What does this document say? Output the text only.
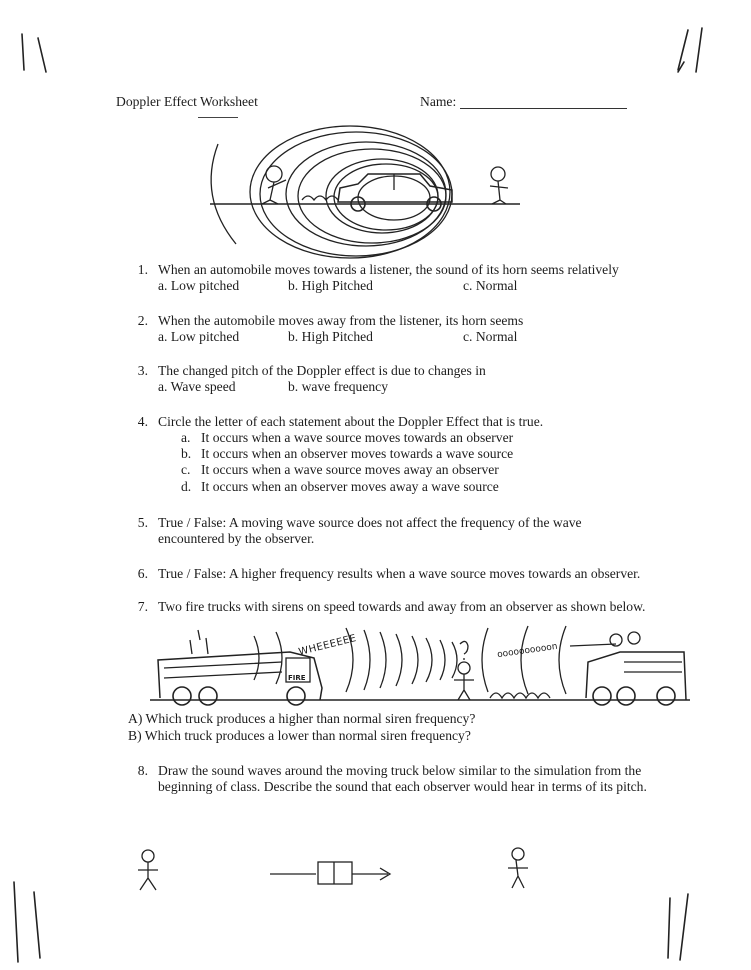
Doppler Effect Worksheet	Name:
1. When an automobile moves towards a listener, the sound of its horn seems relatively
a. Low pitched	b. High Pitched	c. Normal
2. When the automobile moves away from the listener, its horn seems
a. Low pitched	b. High Pitched	c. Normal
3. The changed pitch of the Doppler effect is due to changes in
a. Wave speed	b. wave frequency
4. Circle the letter of each statement about the Doppler Effect that is true.
a. It occurs when a wave source moves towards an observer
b. It occurs when an observer moves towards a wave source
c. It occurs when a wave source moves away an observer
d. It occurs when an observer moves away a wave source
5. True / False: A moving wave source does not affect the frequency of the wave
encountered by the observer.
6. True / False: A higher frequency results when a wave source moves towards an observer.
7. Two fire trucks with sirens on speed towards and away from an observer as shown below.
WHEEEEEE	oooooooooon
FIRE
A) Which truck produces a higher than normal siren frequency?
B) Which truck produces a lower than normal siren frequency?
8. Draw the sound waves around the moving truck below similar to the simulation from the
beginning of class. Describe the sound that each observer would hear in terms of its pitch.
